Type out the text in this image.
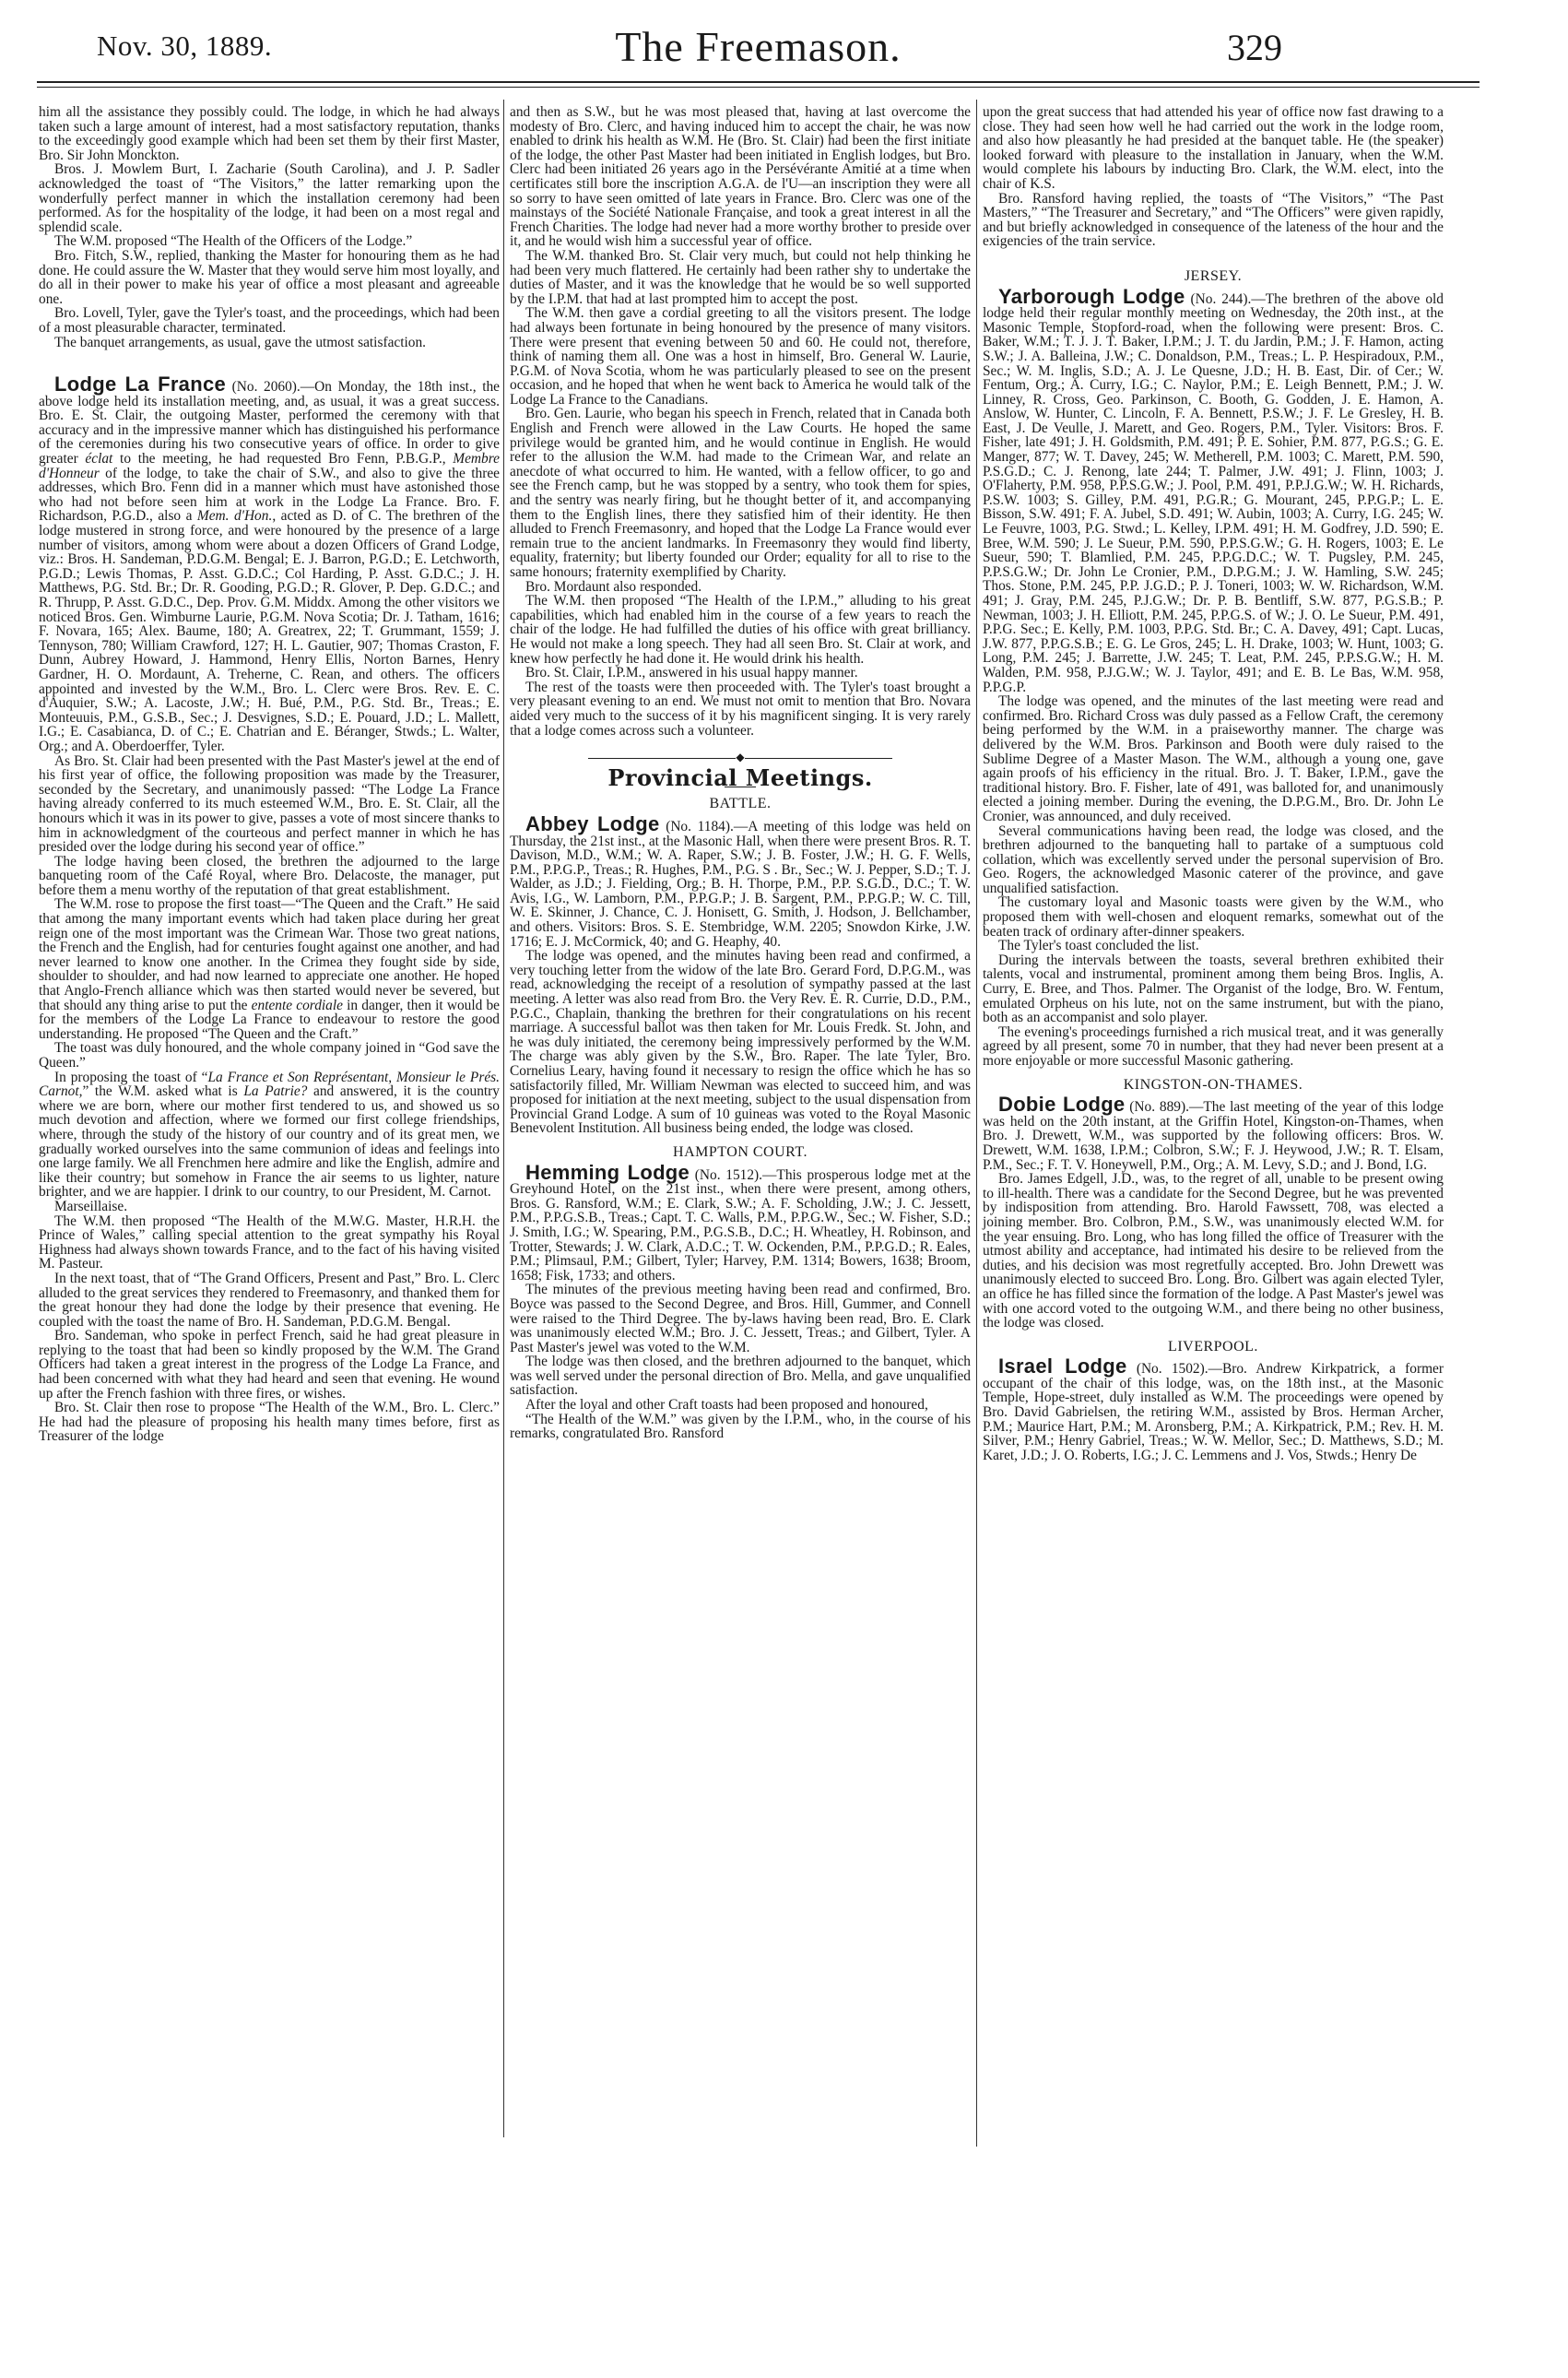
Nov. 30, 1889.	The Freemason.	329

him all the assistance they possibly could. The lodge, in which he had always taken such a large amount of interest, had a most satisfactory reputation, thanks to the exceedingly good example which had been set them by their first Master, Bro. Sir John Monckton.

Bros. J. Mowlem Burt, I. Zacharie (South Carolina), and J. P. Sadler acknowledged the toast of “The Visitors,” the latter remarking upon the wonderfully perfect manner in which the installation ceremony had been performed. As for the hospitality of the lodge, it had been on a most regal and splendid scale.

The W.M. proposed “The Health of the Officers of the Lodge.”

Bro. Fitch, S.W., replied, thanking the Master for honouring them as he had done. He could assure the W. Master that they would serve him most loyally, and do all in their power to make his year of office a most pleasant and agreeable one.

Bro. Lovell, Tyler, gave the Tyler's toast, and the proceedings, which had been of a most pleasurable character, terminated.

The banquet arrangements, as usual, gave the utmost satisfaction.

Lodge La France (No. 2060).—On Monday, the 18th inst., the above lodge held its installation meeting, and, as usual, it was a great success. Bro. E. St. Clair, the outgoing Master, performed the ceremony with that accuracy and in the impressive manner which has distinguished his performance of the ceremonies during his two consecutive years of office. In order to give greater éclat to the meeting, he had requested Bro Fenn, P.B.G.P., Membre d'Honneur of the lodge, to take the chair of S.W., and also to give the three addresses, which Bro. Fenn did in a manner which must have astonished those who had not before seen him at work in the Lodge La France. Bro. F. Richardson, P.G.D., also a Mem. d'Hon., acted as D. of C. The brethren of the lodge mustered in strong force, and were honoured by the presence of a large number of visitors, among whom were about a dozen Officers of Grand Lodge, viz.: Bros. H. Sandeman, P.D.G.M. Bengal; E. J. Barron, P.G.D.; E. Letchworth, P.G.D.; Lewis Thomas, P. Asst. G.D.C.; Col Harding, P. Asst. G.D.C.; J. H. Matthews, P.G. Std. Br.; Dr. R. Gooding, P.G.D.; R. Glover, P. Dep. G.D.C.; and R. Thrupp, P. Asst. G.D.C., Dep. Prov. G.M. Middx. Among the other visitors we noticed Bros. Gen. Wimburne Laurie, P.G.M. Nova Scotia; Dr. J. Tatham, 1616; F. Novara, 165; Alex. Baume, 180; A. Greatrex, 22; T. Grummant, 1559; J. Tennyson, 780; William Crawford, 127; H. L. Gautier, 907; Thomas Craston, F. Dunn, Aubrey Howard, J. Hammond, Henry Ellis, Norton Barnes, Henry Gardner, H. O. Mordaunt, A. Treherne, C. Rean, and others. The officers appointed and invested by the W.M., Bro. L. Clerc were Bros. Rev. E. C. d'Auquier, S.W.; A. Lacoste, J.W.; H. Bué, P.M., P.G. Std. Br., Treas.; E. Monteuuis, P.M., G.S.B., Sec.; J. Desvignes, S.D.; E. Pouard, J.D.; L. Mallett, I.G.; E. Casabianca, D. of C.; E. Chatrian and E. Béranger, Stwds.; L. Walter, Org.; and A. Oberdoerffer, Tyler.

As Bro. St. Clair had been presented with the Past Master's jewel at the end of his first year of office, the following proposition was made by the Treasurer, seconded by the Secretary, and unanimously passed: “The Lodge La France having already conferred to its much esteemed W.M., Bro. E. St. Clair, all the honours which it was in its power to give, passes a vote of most sincere thanks to him in acknowledgment of the courteous and perfect manner in which he has presided over the lodge during his second year of office.”

The lodge having been closed, the brethren the adjourned to the large banqueting room of the Café Royal, where Bro. Delacoste, the manager, put before them a menu worthy of the reputation of that great establishment.

The W.M. rose to propose the first toast—“The Queen and the Craft.” He said that among the many important events which had taken place during her great reign one of the most important was the Crimean War. Those two great nations, the French and the English, had for centuries fought against one another, and had never learned to know one another. In the Crimea they fought side by side, shoulder to shoulder, and had now learned to appreciate one another. He hoped that Anglo-French alliance which was then started would never be severed, but that should any thing arise to put the entente cordiale in danger, then it would be for the members of the Lodge La France to endeavour to restore the good understanding. He proposed “The Queen and the Craft.”

The toast was duly honoured, and the whole company joined in “God save the Queen.”

In proposing the toast of “La France et Son Représentant, Monsieur le Prés. Carnot,” the W.M. asked what is La Patrie? and answered, it is the country where we are born, where our mother first tendered to us, and showed us so much devotion and affection, where we formed our first college friendships, where, through the study of the history of our country and of its great men, we gradually worked ourselves into the same communion of ideas and feelings into one large family. We all Frenchmen here admire and like the English, admire and like their country; but somehow in France the air seems to us lighter, nature brighter, and we are happier. I drink to our country, to our President, M. Carnot.

Marseillaise.

The W.M. then proposed “The Health of the M.W.G. Master, H.R.H. the Prince of Wales,” calling special attention to the great sympathy his Royal Highness had always shown towards France, and to the fact of his having visited M. Pasteur.

In the next toast, that of “The Grand Officers, Present and Past,” Bro. L. Clerc alluded to the great services they rendered to Freemasonry, and thanked them for the great honour they had done the lodge by their presence that evening. He coupled with the toast the name of Bro. H. Sandeman, P.D.G.M. Bengal.

Bro. Sandeman, who spoke in perfect French, said he had great pleasure in replying to the toast that had been so kindly proposed by the W.M. The Grand Officers had taken a great interest in the progress of the Lodge La France, and had been concerned with what they had heard and seen that evening. He wound up after the French fashion with three fires, or wishes.

Bro. St. Clair then rose to propose “The Health of the W.M., Bro. L. Clerc.” He had had the pleasure of proposing his health many times before, first as Treasurer of the lodge

and then as S.W., but he was most pleased that, having at last overcome the modesty of Bro. Clerc, and having induced him to accept the chair, he was now enabled to drink his health as W.M. He (Bro. St. Clair) had been the first initiate of the lodge, the other Past Master had been initiated in English lodges, but Bro. Clerc had been initiated 26 years ago in the Persévérante Amitié at a time when certificates still bore the inscription A.G.A. de l'U—an inscription they were all so sorry to have seen omitted of late years in France. Bro. Clerc was one of the mainstays of the Société Nationale Française, and took a great interest in all the French Charities. The lodge had never had a more worthy brother to preside over it, and he would wish him a successful year of office.

The W.M. thanked Bro. St. Clair very much, but could not help thinking he had been very much flattered. He certainly had been rather shy to undertake the duties of Master, and it was the knowledge that he would be so well supported by the I.P.M. that had at last prompted him to accept the post.

The W.M. then gave a cordial greeting to all the visitors present. The lodge had always been fortunate in being honoured by the presence of many visitors. There were present that evening between 50 and 60. He could not, therefore, think of naming them all. One was a host in himself, Bro. General W. Laurie, P.G.M. of Nova Scotia, whom he was particularly pleased to see on the present occasion, and he hoped that when he went back to America he would talk of the Lodge La France to the Canadians.

Bro. Gen. Laurie, who began his speech in French, related that in Canada both English and French were allowed in the Law Courts. He hoped the same privilege would be granted him, and he would continue in English. He would refer to the allusion the W.M. had made to the Crimean War, and relate an anecdote of what occurred to him. He wanted, with a fellow officer, to go and see the French camp, but he was stopped by a sentry, who took them for spies, and the sentry was nearly firing, but he thought better of it, and accompanying them to the English lines, there they satisfied him of their identity. He then alluded to French Freemasonry, and hoped that the Lodge La France would ever remain true to the ancient landmarks. In Freemasonry they would find liberty, equality, fraternity; but liberty founded our Order; equality for all to rise to the same honours; fraternity exemplified by Charity.

Bro. Mordaunt also responded.

The W.M. then proposed “The Health of the I.P.M.,” alluding to his great capabilities, which had enabled him in the course of a few years to reach the chair of the lodge. He had fulfilled the duties of his office with great brilliancy. He would not make a long speech. They had all seen Bro. St. Clair at work, and knew how perfectly he had done it. He would drink his health.

Bro. St. Clair, I.P.M., answered in his usual happy manner.

The rest of the toasts were then proceeded with. The Tyler's toast brought a very pleasant evening to an end. We must not omit to mention that Bro. Novara aided very much to the success of it by his magnificent singing. It is very rarely that a lodge comes across such a volunteer.

◆
Provincial Meetings.
BATTLE.

Abbey Lodge (No. 1184).—A meeting of this lodge was held on Thursday, the 21st inst., at the Masonic Hall, when there were present Bros. R. T. Davison, M.D., W.M.; W. A. Raper, S.W.; J. B. Foster, J.W.; H. G. F. Wells, P.M., P.P.G.P., Treas.; R. Hughes, P.M., P.G. S . Br., Sec.; W. J. Pepper, S.D.; T. J. Walder, as J.D.; J. Fielding, Org.; B. H. Thorpe, P.M., P.P. S.G.D., D.C.; T. W. Avis, I.G., W. Lamborn, P.M., P.P.G.P.; J. B. Sargent, P.M., P.P.G.P.; W. C. Till, W. E. Skinner, J. Chance, C. J. Honisett, G. Smith, J. Hodson, J. Bellchamber, and others. Visitors: Bros. S. E. Stembridge, W.M. 2205; Snowdon Kirke, J.W. 1716; E. J. McCormick, 40; and G. Heaphy, 40.

The lodge was opened, and the minutes having been read and confirmed, a very touching letter from the widow of the late Bro. Gerard Ford, D.P.G.M., was read, acknowledging the receipt of a resolution of sympathy passed at the last meeting. A letter was also read from Bro. the Very Rev. E. R. Currie, D.D., P.M., P.G.C., Chaplain, thanking the brethren for their congratulations on his recent marriage. A successful ballot was then taken for Mr. Louis Fredk. St. John, and he was duly initiated, the ceremony being impressively performed by the W.M. The charge was ably given by the S.W., Bro. Raper. The late Tyler, Bro. Cornelius Leary, having found it necessary to resign the office which he has so satisfactorily filled, Mr. William Newman was elected to succeed him, and was proposed for initiation at the next meeting, subject to the usual dispensation from Provincial Grand Lodge. A sum of 10 guineas was voted to the Royal Masonic Benevolent Institution. All business being ended, the lodge was closed.

HAMPTON COURT.

Hemming Lodge (No. 1512).—This prosperous lodge met at the Greyhound Hotel, on the 21st inst., when there were present, among others, Bros. G. Ransford, W.M.; E. Clark, S.W.; A. F. Scholding, J.W.; J. C. Jessett, P.M., P.P.G.S.B., Treas.; Capt. T. C. Walls, P.M., P.P.G.W., Sec.; W. Fisher, S.D.; J. Smith, I.G.; W. Spearing, P.M., P.G.S.B., D.C.; H. Wheatley, H. Robinson, and Trotter, Stewards; J. W. Clark, A.D.C.; T. W. Ockenden, P.M., P.P.G.D.; R. Eales, P.M.; Plimsaul, P.M.; Gilbert, Tyler; Harvey, P.M. 1314; Bowers, 1638; Broom, 1658; Fisk, 1733; and others.

The minutes of the previous meeting having been read and confirmed, Bro. Boyce was passed to the Second Degree, and Bros. Hill, Gummer, and Connell were raised to the Third Degree. The by-laws having been read, Bro. E. Clark was unanimously elected W.M.; Bro. J. C. Jessett, Treas.; and Gilbert, Tyler. A Past Master's jewel was voted to the W.M.

The lodge was then closed, and the brethren adjourned to the banquet, which was well served under the personal direction of Bro. Mella, and gave unqualified satisfaction.

After the loyal and other Craft toasts had been proposed and honoured,

“The Health of the W.M.” was given by the I.P.M., who, in the course of his remarks, congratulated Bro. Ransford

upon the great success that had attended his year of office now fast drawing to a close. They had seen how well he had carried out the work in the lodge room, and also how pleasantly he had presided at the banquet table. He (the speaker) looked forward with pleasure to the installation in January, when the W.M. would complete his labours by inducting Bro. Clark, the W.M. elect, into the chair of K.S.

Bro. Ransford having replied, the toasts of “The Visitors,” “The Past Masters,” “The Treasurer and Secretary,” and “The Officers” were given rapidly, and but briefly acknowledged in consequence of the lateness of the hour and the exigencies of the train service.

JERSEY.

Yarborough Lodge (No. 244).—The brethren of the above old lodge held their regular monthly meeting on Wednesday, the 20th inst., at the Masonic Temple, Stopford-road, when the following were present: Bros. C. Baker, W.M.; T. J. J. T. Baker, I.P.M.; J. T. du Jardin, P.M.; J. F. Hamon, acting S.W.; J. A. Balleina, J.W.; C. Donaldson, P.M., Treas.; L. P. Hespiradoux, P.M., Sec.; W. M. Inglis, S.D.; A. J. Le Quesne, J.D.; H. B. East, Dir. of Cer.; W. Fentum, Org.; A. Curry, I.G.; C. Naylor, P.M.; E. Leigh Bennett, P.M.; J. W. Linney, R. Cross, Geo. Parkinson, C. Booth, G. Godden, J. E. Hamon, A. Anslow, W. Hunter, C. Lincoln, F. A. Bennett, P.S.W.; J. F. Le Gresley, H. B. East, J. De Veulle, J. Marett, and Geo. Rogers, P.M., Tyler. Visitors: Bros. F. Fisher, late 491; J. H. Goldsmith, P.M. 491; P. E. Sohier, P.M. 877, P.G.S.; G. E. Manger, 877; W. T. Davey, 245; W. Metherell, P.M. 1003; C. Marett, P.M. 590, P.S.G.D.; C. J. Renong, late 244; T. Palmer, J.W. 491; J. Flinn, 1003; J. O'Flaherty, P.M. 958, P.P.S.G.W.; J. Pool, P.M. 491, P.P.J.G.W.; W. H. Richards, P.S.W. 1003; S. Gilley, P.M. 491, P.G.R.; G. Mourant, 245, P.P.G.P.; L. E. Bisson, S.W. 491; F. A. Jubel, S.D. 491; W. Aubin, 1003; A. Curry, I.G. 245; W. Le Feuvre, 1003, P.G. Stwd.; L. Kelley, I.P.M. 491; H. M. Godfrey, J.D. 590; E. Bree, W.M. 590; J. Le Sueur, P.M. 590, P.P.S.G.W.; G. H. Rogers, 1003; E. Le Sueur, 590; T. Blamlied, P.M. 245, P.P.G.D.C.; W. T. Pugsley, P.M. 245, P.P.S.G.W.; Dr. John Le Cronier, P.M., D.P.G.M.; J. W. Hamling, S.W. 245; Thos. Stone, P.M. 245, P.P. J.G.D.; P. J. Toneri, 1003; W. W. Richardson, W.M. 491; J. Gray, P.M. 245, P.J.G.W.; Dr. P. B. Bentliff, S.W. 877, P.G.S.B.; P. Newman, 1003; J. H. Elliott, P.M. 245, P.P.G.S. of W.; J. O. Le Sueur, P.M. 491, P.P.G. Sec.; E. Kelly, P.M. 1003, P.P.G. Std. Br.; C. A. Davey, 491; Capt. Lucas, J.W. 877, P.P.G.S.B.; E. G. Le Gros, 245; L. H. Drake, 1003; W. Hunt, 1003; G. Long, P.M. 245; J. Barrette, J.W. 245; T. Leat, P.M. 245, P.P.S.G.W.; H. M. Walden, P.M. 958, P.J.G.W.; W. J. Taylor, 491; and E. B. Le Bas, W.M. 958, P.P.G.P.

The lodge was opened, and the minutes of the last meeting were read and confirmed. Bro. Richard Cross was duly passed as a Fellow Craft, the ceremony being performed by the W.M. in a praiseworthy manner. The charge was delivered by the W.M. Bros. Parkinson and Booth were duly raised to the Sublime Degree of a Master Mason. The W.M., although a young one, gave again proofs of his efficiency in the ritual. Bro. J. T. Baker, I.P.M., gave the traditional history. Bro. F. Fisher, late of 491, was balloted for, and unanimously elected a joining member. During the evening, the D.P.G.M., Bro. Dr. John Le Cronier, was announced, and duly received.

Several communications having been read, the lodge was closed, and the brethren adjourned to the banqueting hall to partake of a sumptuous cold collation, which was excellently served under the personal supervision of Bro. Geo. Rogers, the acknowledged Masonic caterer of the province, and gave unqualified satisfaction.

The customary loyal and Masonic toasts were given by the W.M., who proposed them with well-chosen and eloquent remarks, somewhat out of the beaten track of ordinary after-dinner speakers.

The Tyler's toast concluded the list.

During the intervals between the toasts, several brethren exhibited their talents, vocal and instrumental, prominent among them being Bros. Inglis, A. Curry, E. Bree, and Thos. Palmer. The Organist of the lodge, Bro. W. Fentum, emulated Orpheus on his lute, not on the same instrument, but with the piano, both as an accompanist and solo player.

The evening's proceedings furnished a rich musical treat, and it was generally agreed by all present, some 70 in number, that they had never been present at a more enjoyable or more successful Masonic gathering.

KINGSTON-ON-THAMES.

Dobie Lodge (No. 889).—The last meeting of the year of this lodge was held on the 20th instant, at the Griffin Hotel, Kingston-on-Thames, when Bro. J. Drewett, W.M., was supported by the following officers: Bros. W. Drewett, W.M. 1638, I.P.M.; Colbron, S.W.; F. J. Heywood, J.W.; R. T. Elsam, P.M., Sec.; F. T. V. Honeywell, P.M., Org.; A. M. Levy, S.D.; and J. Bond, I.G.

Bro. James Edgell, J.D., was, to the regret of all, unable to be present owing to ill-health. There was a candidate for the Second Degree, but he was prevented by indisposition from attending. Bro. Harold Fawssett, 708, was elected a joining member. Bro. Colbron, P.M., S.W., was unanimously elected W.M. for the year ensuing. Bro. Long, who has long filled the office of Treasurer with the utmost ability and acceptance, had intimated his desire to be relieved from the duties, and his decision was most regretfully accepted. Bro. John Drewett was unanimously elected to succeed Bro. Long. Bro. Gilbert was again elected Tyler, an office he has filled since the formation of the lodge. A Past Master's jewel was with one accord voted to the outgoing W.M., and there being no other business, the lodge was closed.

LIVERPOOL.

Israel Lodge (No. 1502).—Bro. Andrew Kirkpatrick, a former occupant of the chair of this lodge, was, on the 18th inst., at the Masonic Temple, Hope-street, duly installed as W.M. The proceedings were opened by Bro. David Gabrielsen, the retiring W.M., assisted by Bros. Herman Archer, P.M.; Maurice Hart, P.M.; M. Aronsberg, P.M.; A. Kirkpatrick, P.M.; Rev. H. M. Silver, P.M.; Henry Gabriel, Treas.; W. W. Mellor, Sec.; D. Matthews, S.D.; M. Karet, J.D.; J. O. Roberts, I.G.; J. C. Lemmens and J. Vos, Stwds.; Henry De
